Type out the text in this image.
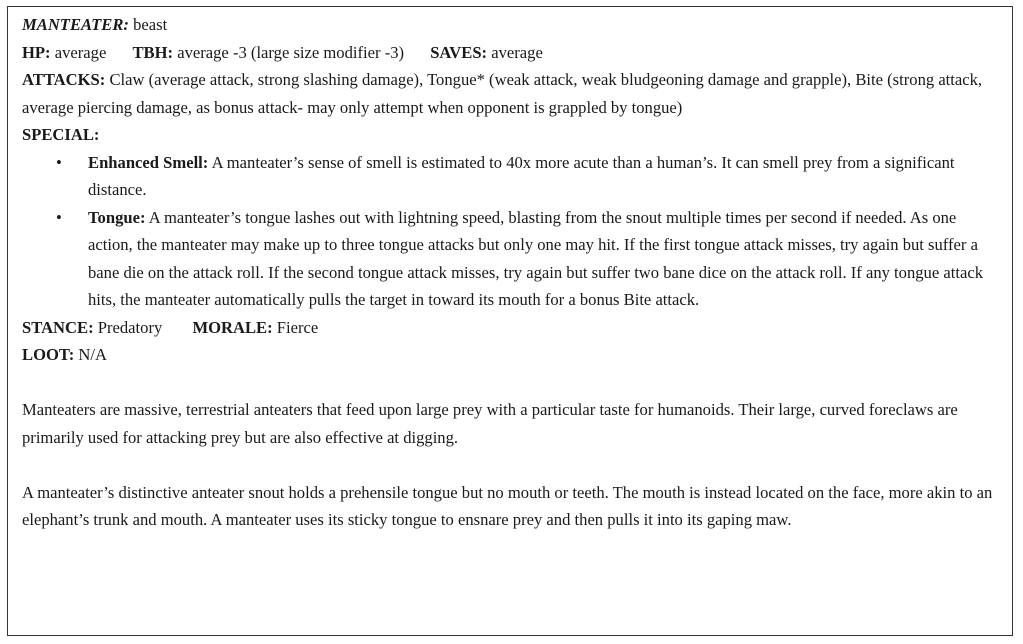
MANTEATER: beast
HP: average TBH: average -3 (large size modifier -3) SAVES: average
ATTACKS: Claw (average attack, strong slashing damage), Tongue* (weak attack, weak bludgeoning damage and grapple), Bite (strong attack, average piercing damage, as bonus attack- may only attempt when opponent is grappled by tongue)
SPECIAL:
• Enhanced Smell: A manteater’s sense of smell is estimated to 40x more acute than a human’s. It can smell prey from a significant distance.
• Tongue: A manteater’s tongue lashes out with lightning speed, blasting from the snout multiple times per second if needed. As one action, the manteater may make up to three tongue attacks but only one may hit. If the first tongue attack misses, try again but suffer a bane die on the attack roll. If the second tongue attack misses, try again but suffer two bane dice on the attack roll. If any tongue attack hits, the manteater automatically pulls the target in toward its mouth for a bonus Bite attack.
STANCE: Predatory MORALE: Fierce
LOOT: N/A
Manteaters are massive, terrestrial anteaters that feed upon large prey with a particular taste for humanoids. Their large, curved foreclaws are primarily used for attacking prey but are also effective at digging.
A manteater’s distinctive anteater snout holds a prehensile tongue but no mouth or teeth. The mouth is instead located on the face, more akin to an elephant’s trunk and mouth. A manteater uses its sticky tongue to ensnare prey and then pulls it into its gaping maw.
